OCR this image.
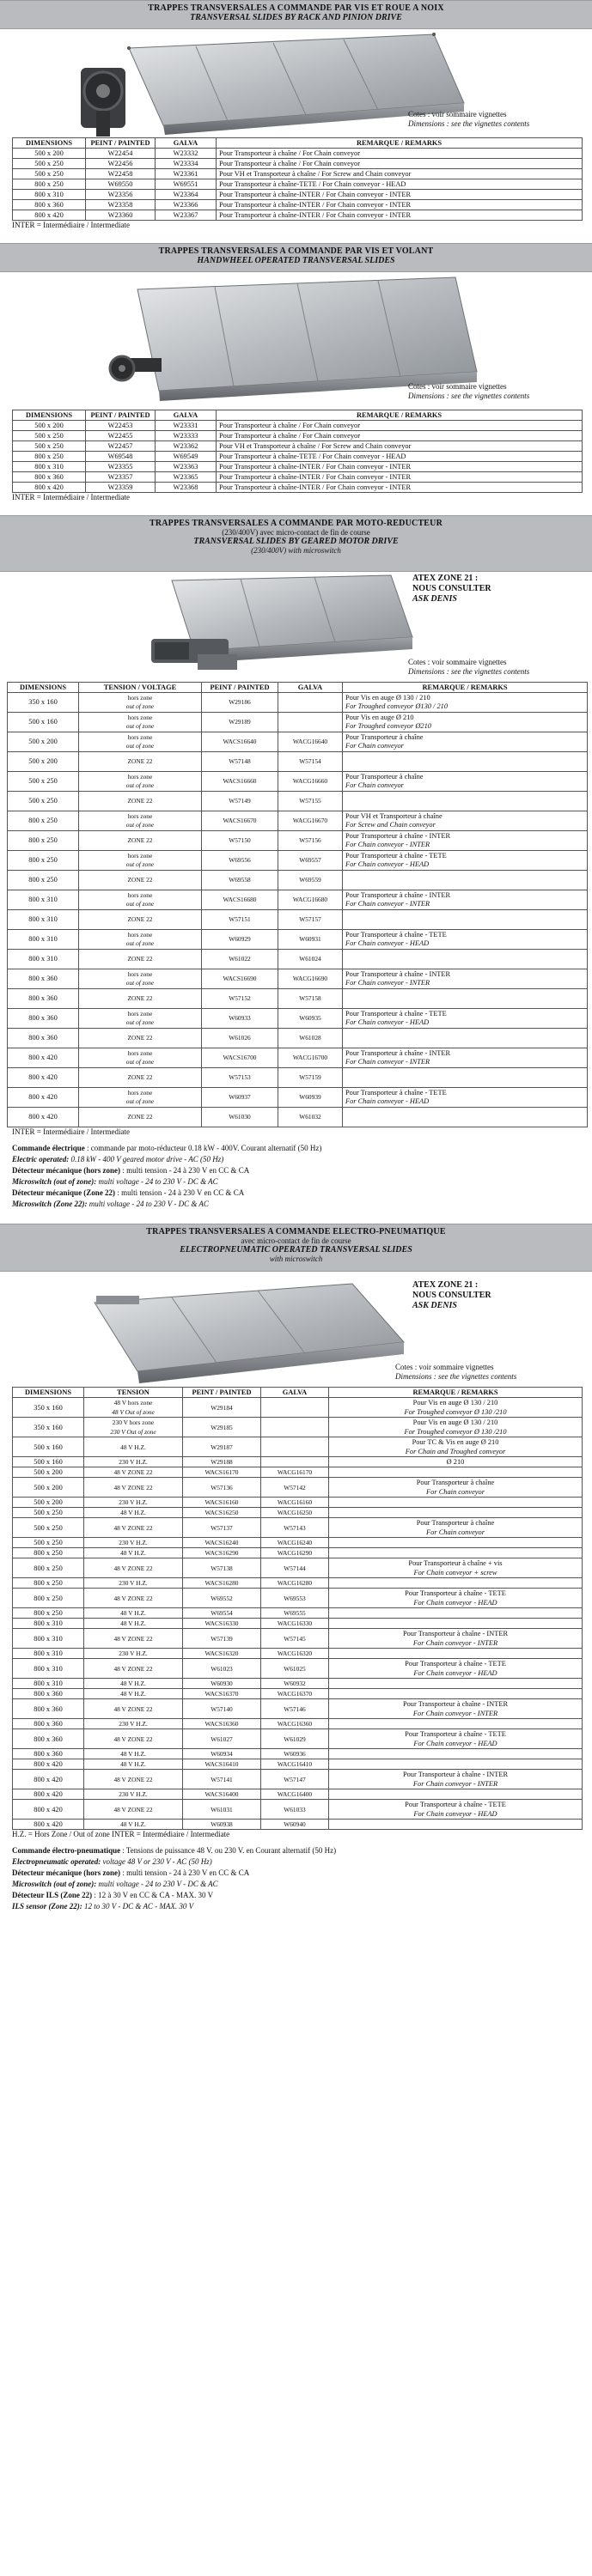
TRAPPES TRANSVERSALES A COMMANDE PAR VIS ET ROUE A NOIX
TRANSVERSAL SLIDES BY RACK AND PINION DRIVE
Cotes : voir sommaire vignettes
Dimensions : see the vignettes contents
DIMENSIONS	PEINT / PAINTED	GALVA	REMARQUE / REMARKS
500 x 200	W22454	W23332	Pour Transporteur à chaîne / For Chain conveyor
500 x 250	W22456	W23334	Pour Transporteur à chaîne / For Chain conveyor
500 x 250	W22458	W23361	Pour VH et Transporteur à chaîne / For Screw and Chain conveyor
800 x 250	W69550	W69551	Pour Transporteur à chaîne-TETE / For Chain conveyor - HEAD
800 x 310	W23356	W23364	Pour Transporteur à chaîne-INTER / For Chain conveyor - INTER
800 x 360	W23358	W23366	Pour Transporteur à chaîne-INTER / For Chain conveyor - INTER
800 x 420	W23360	W23367	Pour Transporteur à chaîne-INTER / For Chain conveyor - INTER
INTER = Intermédiaire / Intermediate
TRAPPES TRANSVERSALES A COMMANDE PAR VIS ET VOLANT
HANDWHEEL OPERATED TRANSVERSAL SLIDES
Cotes : voir sommaire vignettes
Dimensions : see the vignettes contents
DIMENSIONS	PEINT / PAINTED	GALVA	REMARQUE / REMARKS
500 x 200	W22453	W23331	Pour Transporteur à chaîne / For Chain conveyor
500 x 250	W22455	W23333	Pour Transporteur à chaîne / For Chain conveyor
500 x 250	W22457	W23362	Pour VH et Transporteur à chaîne / For Screw and Chain conveyor
800 x 250	W69548	W69549	Pour Transporteur à chaîne-TETE / For Chain conveyor - HEAD
800 x 310	W23355	W23363	Pour Transporteur à chaîne-INTER / For Chain conveyor - INTER
800 x 360	W23357	W23365	Pour Transporteur à chaîne-INTER / For Chain conveyor - INTER
800 x 420	W23359	W23368	Pour Transporteur à chaîne-INTER / For Chain conveyor - INTER
INTER = Intermédiaire / Intermediate
TRAPPES TRANSVERSALES A COMMANDE PAR MOTO-REDUCTEUR
(230/400V) avec micro-contact de fin de course
TRANSVERSAL SLIDES BY GEARED MOTOR DRIVE
(230/400V) with microswitch
ATEX ZONE 21 :
NOUS CONSULTER
ASK DENIS
Cotes : voir sommaire vignettes
Dimensions : see the vignettes contents
DIMENSIONS	TENSION / VOLTAGE	PEINT / PAINTED	GALVA	REMARQUE / REMARKS
350 x 160	hors zone
out of zone	W29186		Pour Vis en auge Ø 130 / 210
For Troughed conveyor Ø130 / 210

500 x 160	hors zone
out of zone	W29189		Pour Vis en auge Ø 210
For Troughed conveyor Ø210

500 x 200	hors zone
out of zone	WACS16640	WACG16640	Pour Transporteur à chaîne
For Chain conveyor

500 x 200	ZONE 22	W57148	W57154	

500 x 250	hors zone
out of zone	WACS16660	WACG16660	Pour Transporteur à chaîne
For Chain conveyor

500 x 250	ZONE 22	W57149	W57155	

800 x 250	hors zone
out of zone	WACS16670	WACG16670	Pour VH et Transporteur à chaîne
For Screw and Chain conveyor

800 x 250	ZONE 22	W57150	W57156	Pour Transporteur à chaîne - INTER
For Chain conveyor - INTER

800 x 250	hors zone
out of zone	W69556	W69557	Pour Transporteur à chaîne - TETE
For Chain conveyor - HEAD

800 x 250	ZONE 22	W69558	W69559	

800 x 310	hors zone
out of zone	WACS16680	WACG16680	Pour Transporteur à chaîne - INTER
For Chain conveyor - INTER

800 x 310	ZONE 22	W57151	W57157	

800 x 310	hors zone
out of zone	W60929	W60931	Pour Transporteur à chaîne - TETE
For Chain conveyor - HEAD

800 x 310	ZONE 22	W61022	W61024	

800 x 360	hors zone
out of zone	WACS16690	WACG16690	Pour Transporteur à chaîne - INTER
For Chain conveyor - INTER

800 x 360	ZONE 22	W57152	W57158	

800 x 360	hors zone
out of zone	W60933	W60935	Pour Transporteur à chaîne - TETE
For Chain conveyor - HEAD

800 x 360	ZONE 22	W61026	W61028	

800 x 420	hors zone
out of zone	WACS16700	WACG16700	Pour Transporteur à chaîne - INTER
For Chain conveyor - INTER

800 x 420	ZONE 22	W57153	W57159	

800 x 420	hors zone
out of zone	W60937	W60939	Pour Transporteur à chaîne - TETE
For Chain conveyor - HEAD

800 x 420	ZONE 22	W61030	W61032	
INTER = Intermédiaire / Intermediate
Commande électrique : commande par moto-réducteur 0.18 kW - 400V. Courant alternatif (50 Hz)
Electric operated: 0.18 kW - 400 V geared motor drive - AC (50 Hz)
Détecteur mécanique (hors zone) : multi tension - 24 à 230 V en CC & CA
Microswitch (out of zone): multi voltage - 24 to 230 V - DC & AC
Détecteur mécanique (Zone 22) : multi tension - 24 à 230 V en CC & CA
Microswitch (Zone 22): multi voltage - 24 to 230 V - DC & AC
TRAPPES TRANSVERSALES A COMMANDE ELECTRO-PNEUMATIQUE
avec micro-contact de fin de course
ELECTROPNEUMATIC OPERATED TRANSVERSAL SLIDES
with microswitch
ATEX ZONE 21 :
NOUS CONSULTER
ASK DENIS
Cotes : voir sommaire vignettes
Dimensions : see the vignettes contents
DIMENSIONS	TENSION	PEINT / PAINTED	GALVA	REMARQUE / REMARKS
350 x 160	48 V hors zone
48 V Out of zone	W29184		Pour Vis en auge Ø 130 / 210
For Troughed conveyor Ø 130 /210

350 x 160	230 V hors zone
230 V Out of zone	W29185		Pour Vis en auge Ø 130 / 210
For Troughed conveyor Ø 130 /210

500 x 160	48 V H.Z.	W29187		Pour TC & Vis en auge Ø 210
For Chain and Troughed conveyor

500 x 160	230 V H.Z.	W29188		Ø 210

500 x 200	48 V ZONE 22	WACS16170	WACG16170	

500 x 200	48 V ZONE 22	W57136	W57142	Pour Transporteur à chaîne
For Chain conveyor

500 x 200	230 V H.Z.	WACS16160	WACG16160	

500 x 250	48 V H.Z.	WACS16250	WACG16250	

500 x 250	48 V ZONE 22	W57137	W57143	Pour Transporteur à chaîne
For Chain conveyor

500 x 250	230 V H.Z.	WACS16240	WACG16240	

800 x 250	48 V H.Z.	WACS16290	WACG16290	

800 x 250	48 V ZONE 22	W57138	W57144	Pour Transporteur à chaîne + vis
For Chain conveyor + screw

800 x 250	230 V H.Z.	WACS16280	WACG16280	

800 x 250	48 V ZONE 22	W69552	W69553	Pour Transporteur à chaîne - TETE
For Chain conveyor - HEAD

800 x 250	48 V H.Z.	W69554	W69555	

800 x 310	48 V H.Z.	WACS16330	WACG16330	

800 x 310	48 V ZONE 22	W57139	W57145	Pour Transporteur à chaîne - INTER
For Chain conveyor - INTER

800 x 310	230 V H.Z.	WACS16320	WACG16320	

800 x 310	48 V ZONE 22	W61023	W61025	Pour Transporteur à chaîne - TETE
For Chain conveyor - HEAD

800 x 310	48 V H.Z.	W60930	W60932	

800 x 360	48 V H.Z.	WACS16370	WACG16370	

800 x 360	48 V ZONE 22	W57140	W57146	Pour Transporteur à chaîne - INTER
For Chain conveyor - INTER

800 x 360	230 V H.Z.	WACS16360	WACG16360	

800 x 360	48 V ZONE 22	W61027	W61029	Pour Transporteur à chaîne - TETE
For Chain conveyor - HEAD

800 x 360	48 V H.Z.	W60934	W60936	

800 x 420	48 V H.Z.	WACS16410	WACG16410	

800 x 420	48 V ZONE 22	W57141	W57147	Pour Transporteur à chaîne - INTER
For Chain conveyor - INTER

800 x 420	230 V H.Z.	WACS16400	WACG16400	

800 x 420	48 V ZONE 22	W61031	W61033	Pour Transporteur à chaîne - TETE
For Chain conveyor - HEAD

800 x 420	48 V H.Z.	W60938	W60940	
H.Z. = Hors Zone / Out of zone INTER = Intermédiaire / Intermediate
Commande électro-pneumatique : Tensions de puissance 48 V. ou 230 V. en Courant alternatif (50 Hz)
Electropneumatic operated: voltage 48 V or 230 V - AC (50 Hz)
Détecteur mécanique (hors zone) : multi tension - 24 à 230 V en CC & CA
Microswitch (out of zone): multi voltage - 24 to 230 V - DC & AC
Détecteur ILS (Zone 22) : 12 à 30 V en CC & CA - MAX. 30 V
ILS sensor (Zone 22): 12 to 30 V - DC & AC - MAX. 30 V
